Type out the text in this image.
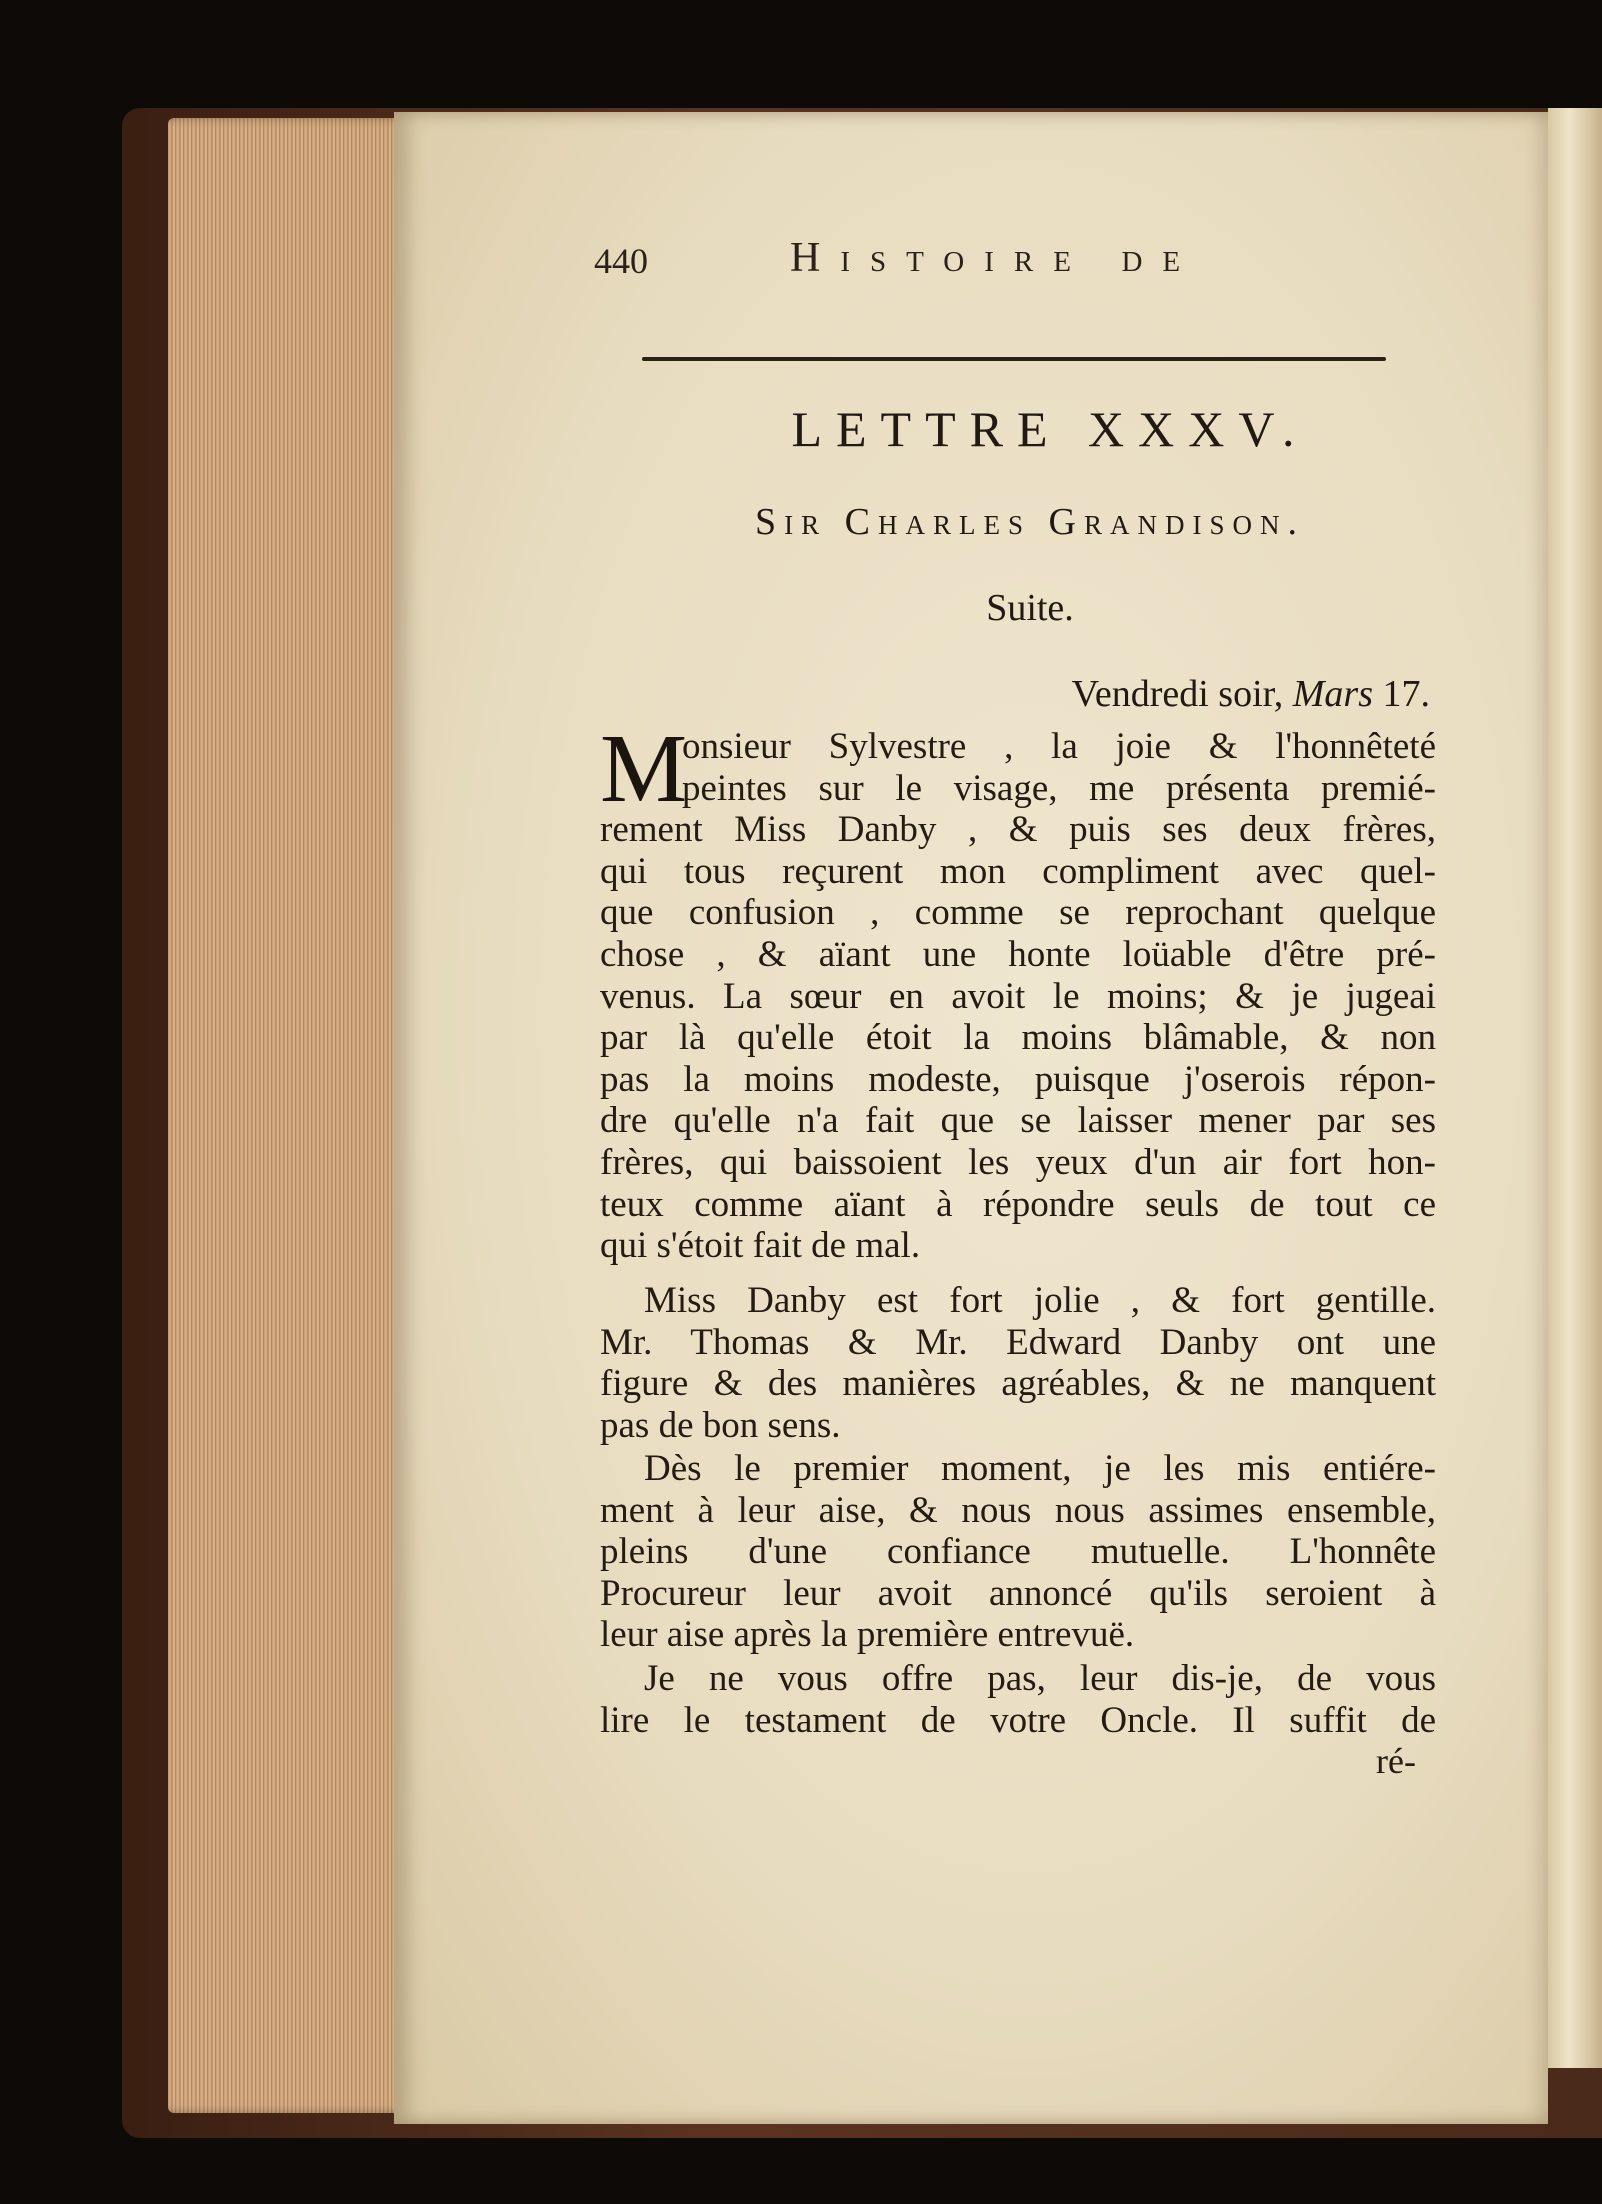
440	Histoire de
LETTRE XXXV.
Sir Charles Grandison.
Suite.
Vendredi soir, Mars 17.
M
onsieur Sylvestre , la joie & l'honnêteté
peintes sur le visage, me présenta premié-
rement Miss Danby , & puis ses deux frères,
qui tous reçurent mon compliment avec quel-
que confusion , comme se reprochant quelque
chose , & aïant une honte loüable d'être pré-
venus. La sœur en avoit le moins; & je jugeai
par là qu'elle étoit la moins blâmable, & non
pas la moins modeste, puisque j'oserois répon-
dre qu'elle n'a fait que se laisser mener par ses
frères, qui baissoient les yeux d'un air fort hon-
teux comme aïant à répondre seuls de tout ce
qui s'étoit fait de mal.
Miss Danby est fort jolie , & fort gentille.
Mr. Thomas & Mr. Edward Danby ont une
figure & des manières agréables, & ne manquent
pas de bon sens.
Dès le premier moment, je les mis entiére-
ment à leur aise, & nous nous assimes ensemble,
pleins d'une confiance mutuelle. L'honnête
Procureur leur avoit annoncé qu'ils seroient à
leur aise après la première entrevuë.
Je ne vous offre pas, leur dis-je, de vous
lire le testament de votre Oncle. Il suffit de
ré-
